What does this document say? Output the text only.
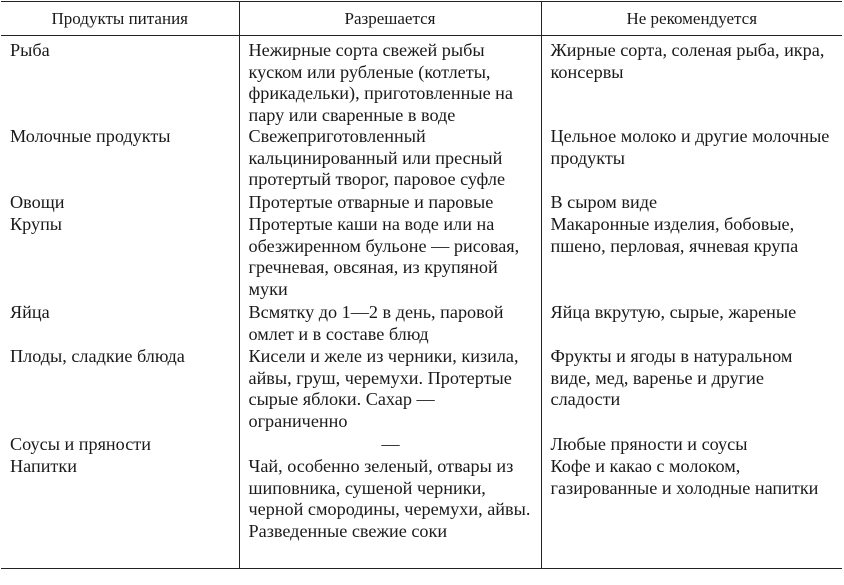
Продукты питания	Разрешается	Не рекомендуется
Рыба	Нежирные сорта свежей рыбы куском или рубленые (котлеты, фрикадельки), приготовленные на пару или сваренные в воде	Жирные сорта, соленая рыба, икра, консервы
Молочные продукты	Свежеприготовленный кальцинированный или пресный протертый творог, паровое суфле	Цельное молоко и другие молочные продукты
Овощи	Протертые отварные и паровые	В сыром виде
Крупы	Протертые каши на воде или на обезжиренном бульоне — рисовая, гречневая, овсяная, из крупяной муки	Макаронные изделия, бобовые, пшено, перловая, ячневая крупа
Яйца	Всмятку до 1—2 в день, паровой омлет и в составе блюд	Яйца вкрутую, сырые, жареные
Плоды, сладкие блюда	Кисели и желе из черники, кизила, айвы, груш, черемухи. Протертые сырые яблоки. Сахар — ограниченно	Фрукты и ягоды в натуральном виде, мед, варенье и другие сладости
Соусы и пряности	—	Любые пряности и соусы
Напитки	Чай, особенно зеленый, отвары из шиповника, сушеной черники, черной смородины, черемухи, айвы. Разведенные свежие соки	Кофе и какао с молоком, газированные и холодные напитки
